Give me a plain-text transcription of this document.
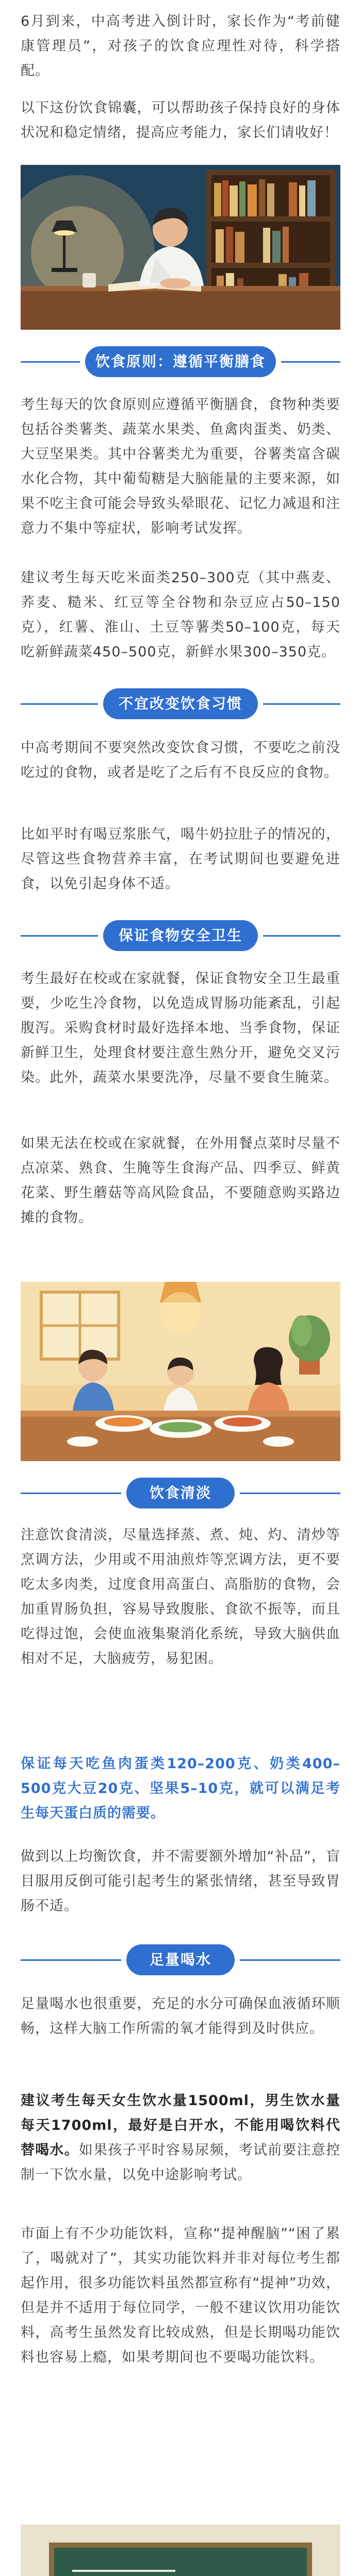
6月到来，中高考进入倒计时，家长作为“考前健康管理员”，对孩子的饮食应理性对待，科学搭配。

以下这份饮食锦囊，可以帮助孩子保持良好的身体状况和稳定情绪，提高应考能力，家长们请收好！

饮食原则：遵循平衡膳食

考生每天的饮食原则应遵循平衡膳食，食物种类要包括谷类薯类、蔬菜水果类、鱼禽肉蛋类、奶类、大豆坚果类。其中谷薯类尤为重要，谷薯类富含碳水化合物，其中葡萄糖是大脑能量的主要来源，如果不吃主食可能会导致头晕眼花、记忆力减退和注意力不集中等症状，影响考试发挥。

建议考生每天吃米面类250–300克（其中燕麦、荞麦、糙米、红豆等全谷物和杂豆应占50–150克），红薯、淮山、土豆等薯类50–100克，每天吃新鲜蔬菜450–500克，新鲜水果300–350克。

不宜改变饮食习惯

中高考期间不要突然改变饮食习惯，不要吃之前没吃过的食物，或者是吃了之后有不良反应的食物。

比如平时有喝豆浆胀气，喝牛奶拉肚子的情况的，尽管这些食物营养丰富，在考试期间也要避免进食，以免引起身体不适。

保证食物安全卫生

考生最好在校或在家就餐，保证食物安全卫生最重要，少吃生冷食物，以免造成胃肠功能紊乱，引起腹泻。采购食材时最好选择本地、当季食物，保证新鲜卫生，处理食材要注意生熟分开，避免交叉污染。此外，蔬菜水果要洗净，尽量不要食生腌菜。

如果无法在校或在家就餐，在外用餐点菜时尽量不点凉菜、熟食、生腌等生食海产品、四季豆、鲜黄花菜、野生蘑菇等高风险食品，不要随意购买路边摊的食物。

饮食清淡

注意饮食清淡，尽量选择蒸、煮、炖、灼、清炒等烹调方法，少用或不用油煎炸等烹调方法，更不要吃太多肉类，过度食用高蛋白、高脂肪的食物，会加重胃肠负担，容易导致腹胀、食欲不振等，而且吃得过饱，会使血液集聚消化系统，导致大脑供血相对不足，大脑疲劳，易犯困。

保证每天吃鱼肉蛋类120–200克、奶类400–500克大豆20克、坚果5–10克，就可以满足考生每天蛋白质的需要。

做到以上均衡饮食，并不需要额外增加“补品”，盲目服用反倒可能引起考生的紧张情绪，甚至导致胃肠不适。

足量喝水

足量喝水也很重要，充足的水分可确保血液循环顺畅，这样大脑工作所需的氧才能得到及时供应。

建议考生每天女生饮水量1500ml，男生饮水量每天1700ml，最好是白开水，不能用喝饮料代替喝水。如果孩子平时容易尿频，考试前要注意控制一下饮水量，以免中途影响考试。

市面上有不少功能饮料，宣称“提神醒脑”“困了累了，喝就对了”，其实功能饮料并非对每位考生都起作用，很多功能饮料虽然都宣称有“提神”功效，但是并不适用于每位同学，一般不建议饮用功能饮料，高考生虽然发育比较成熟，但是长期喝功能饮料也容易上瘾，如果考期间也不要喝功能饮料。
